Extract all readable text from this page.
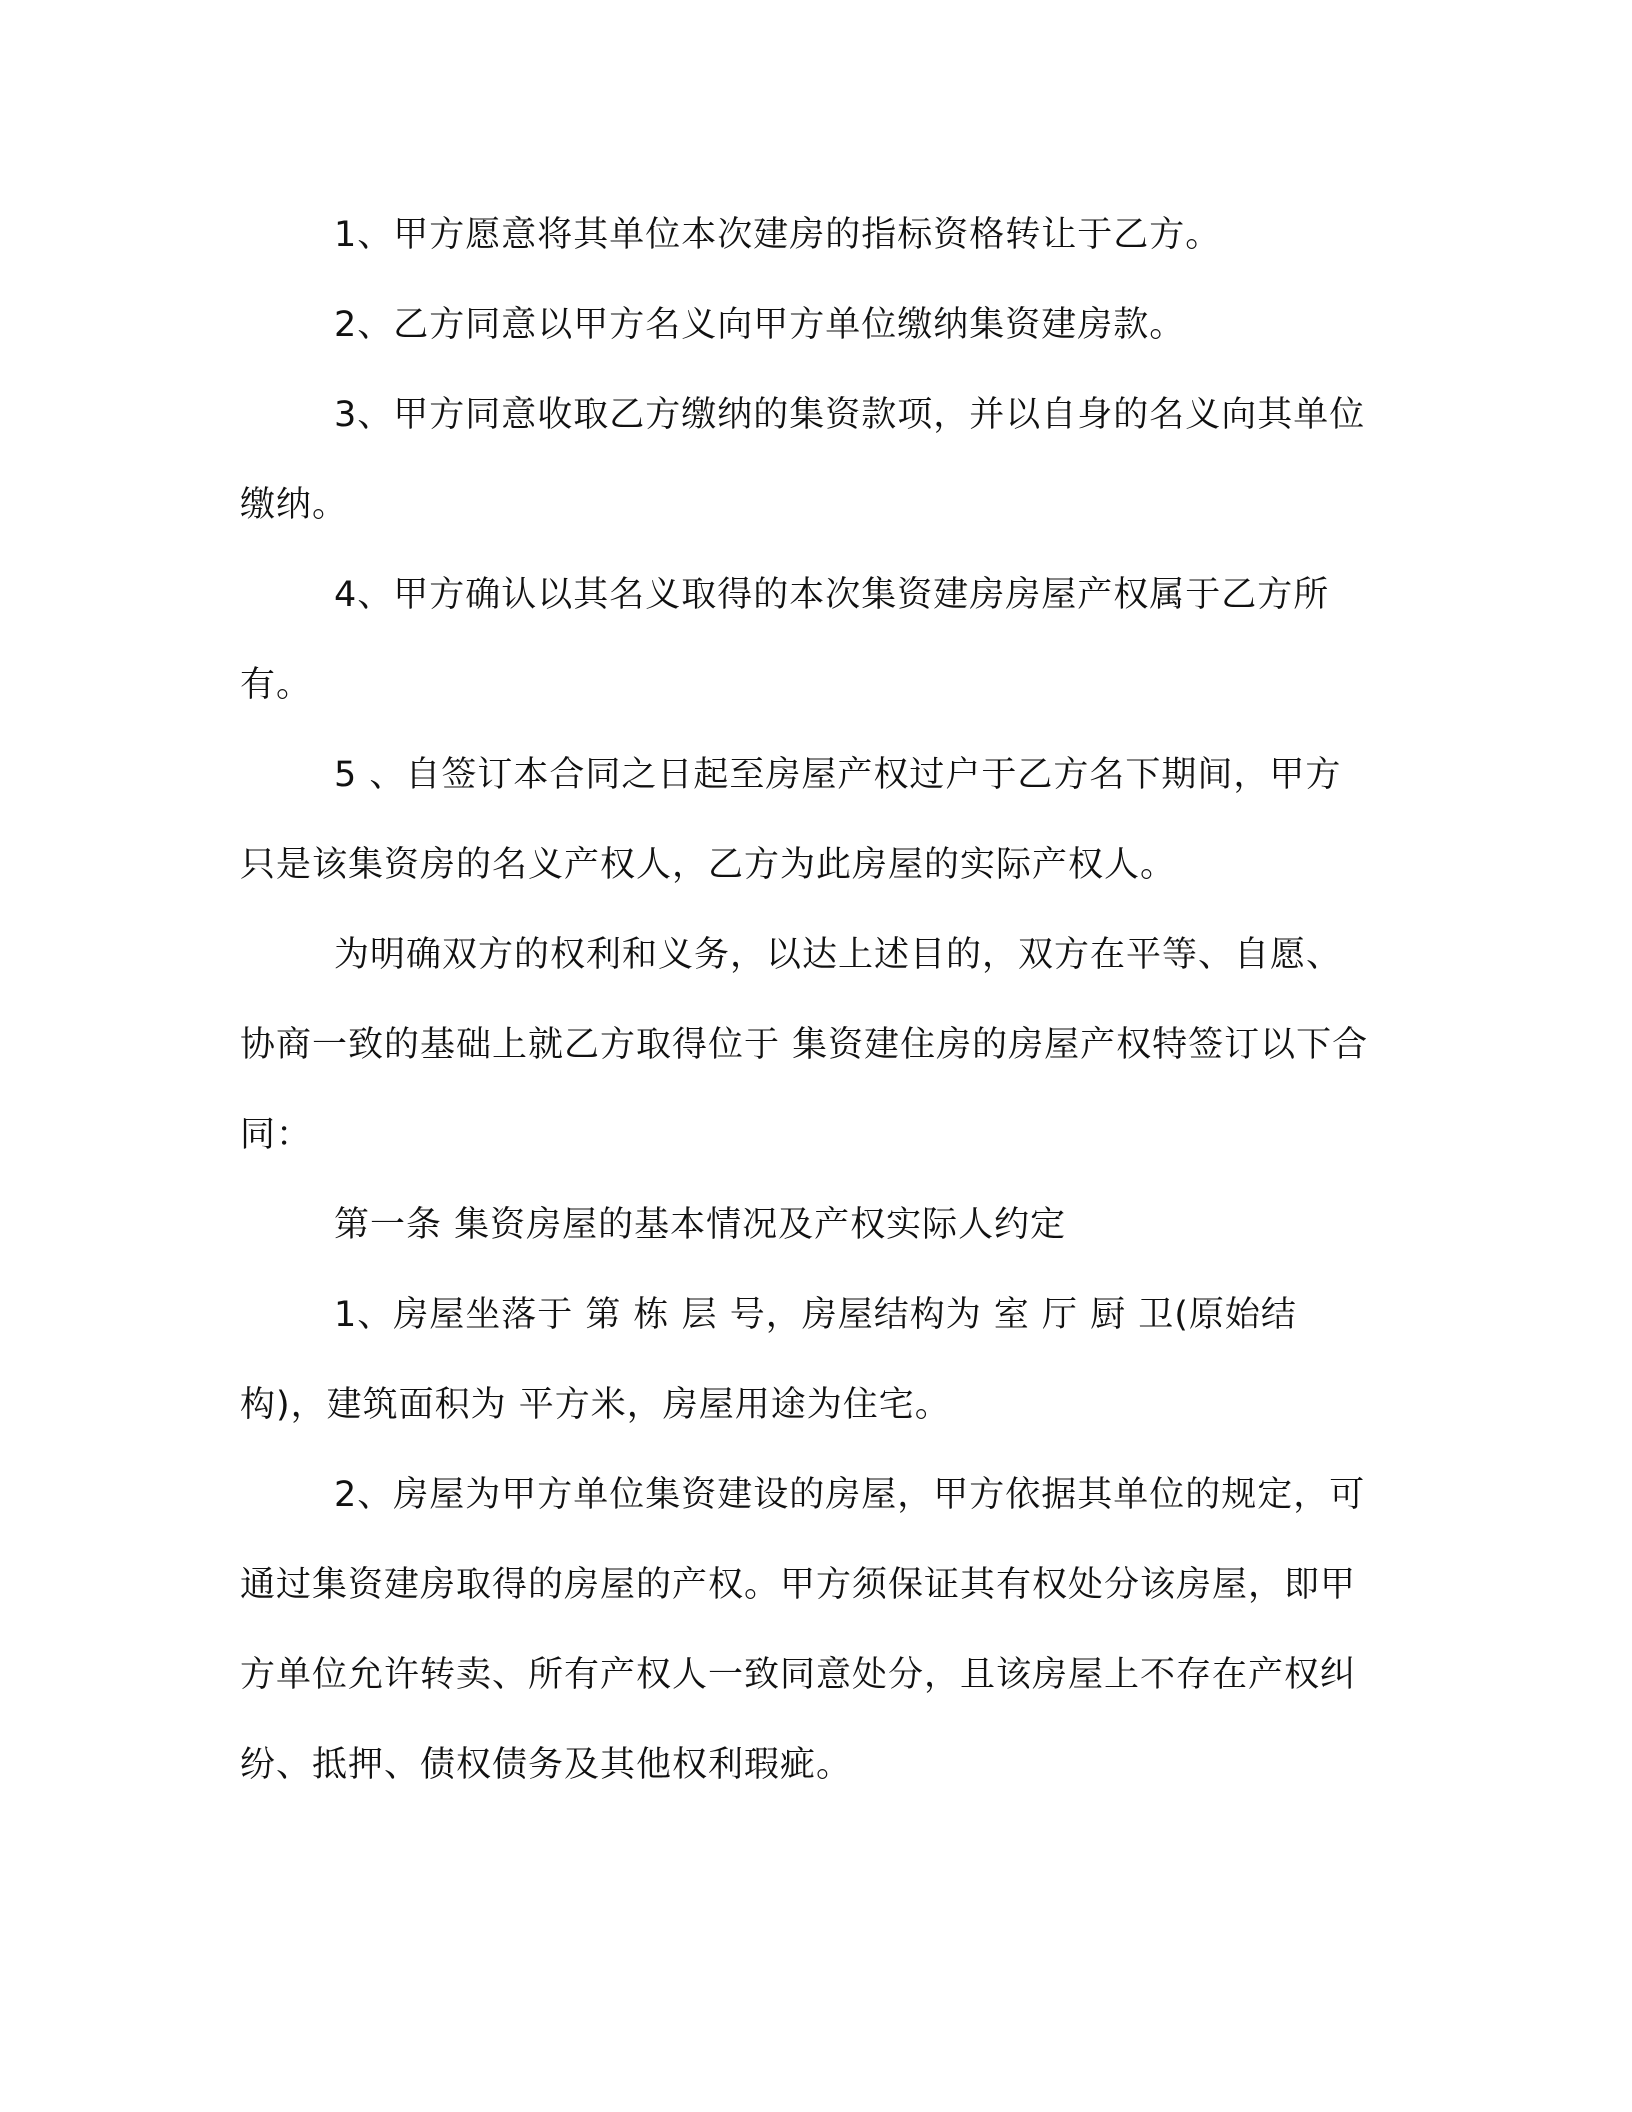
1、甲方愿意将其单位本次建房的指标资格转让于乙方。

2、乙方同意以甲方名义向甲方单位缴纳集资建房款。

3、甲方同意收取乙方缴纳的集资款项，并以自身的名义向其单位缴纳。

4、甲方确认以其名义取得的本次集资建房房屋产权属于乙方所有。

5 、自签订本合同之日起至房屋产权过户于乙方名下期间，甲方只是该集资房的名义产权人，乙方为此房屋的实际产权人。

为明确双方的权利和义务，以达上述目的，双方在平等、自愿、协商一致的基础上就乙方取得位于 集资建住房的房屋产权特签订以下合同：

第一条 集资房屋的基本情况及产权实际人约定

1、房屋坐落于 第 栋 层 号，房屋结构为 室 厅 厨 卫(原始结构)，建筑面积为 平方米，房屋用途为住宅。

2、房屋为甲方单位集资建设的房屋，甲方依据其单位的规定，可通过集资建房取得的房屋的产权。甲方须保证其有权处分该房屋，即甲方单位允许转卖、所有产权人一致同意处分，且该房屋上不存在产权纠纷、抵押、债权债务及其他权利瑕疵。
